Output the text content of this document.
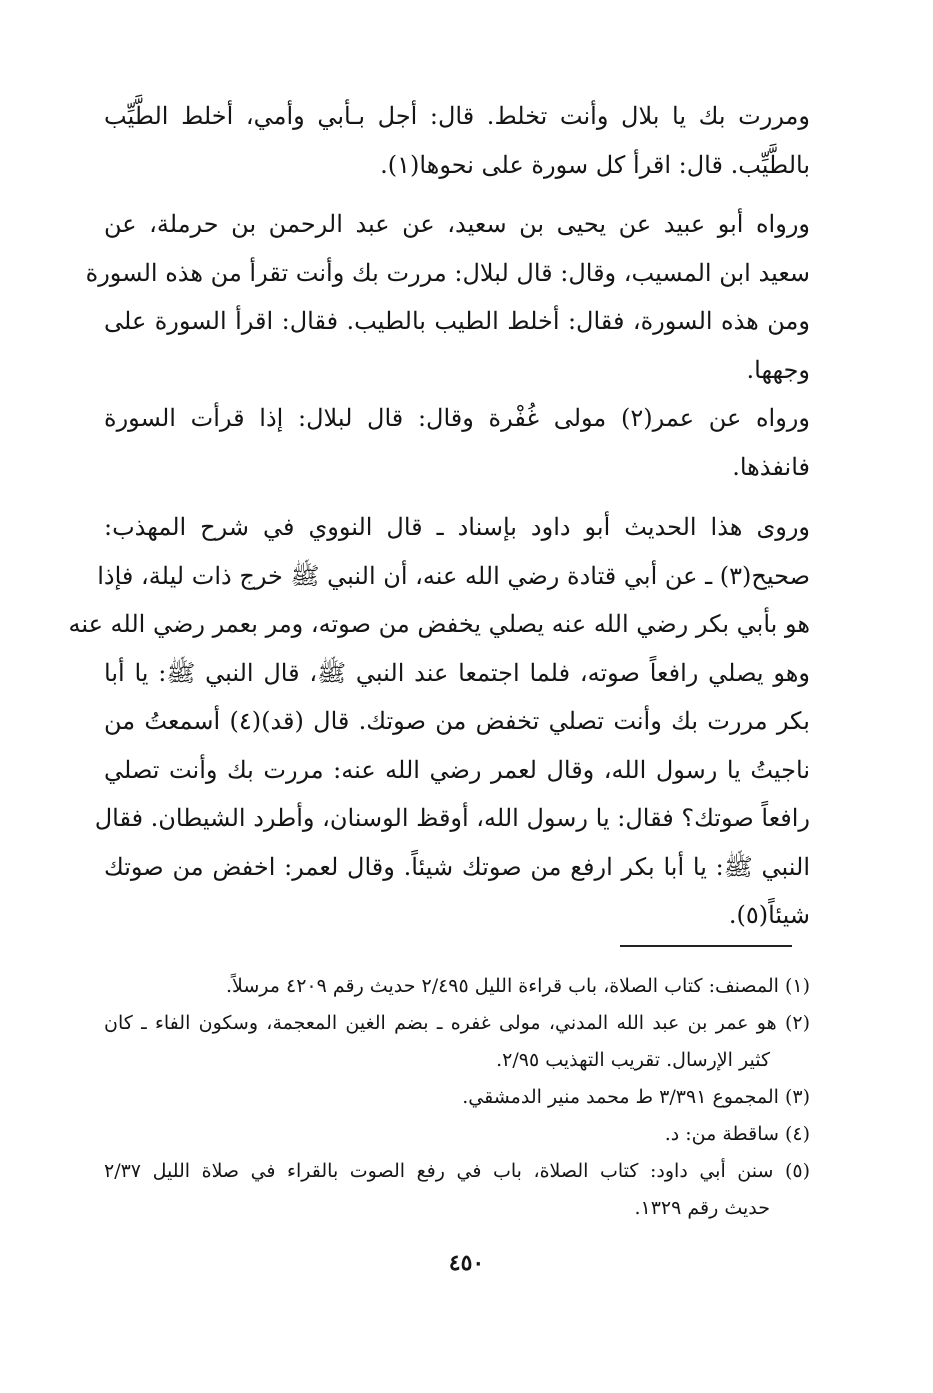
ومررت بك يا بلال وأنت تخلط. قال: أجل بـأبي وأمي، أخلط الطَّيِّب
بالطَّيِّب. قال: اقرأ كل سورة على نحوها(١).

ورواه أبو عبيد عن يحيى بن سعيد، عن عبد الرحمن بن حرملة، عن
سعيد ابن المسيب، وقال: قال لبلال: مررت بك وأنت تقرأ من هذه السورة
ومن هذه السورة، فقال: أخلط الطيب بالطيب. فقال: اقرأ السورة على
وجهها.

ورواه عن عمر(٢) مولى غُفْرة وقال: قال لبلال: إذا قرأت السورة
فانفذها.

وروى هذا الحديث أبو داود بإسناد ـ قال النووي في شرح المهذب:
صحيح(٣) ـ عن أبي قتادة رضي الله عنه، أن النبي ﷺ خرج ذات ليلة، فإذا
هو بأبي بكر رضي الله عنه يصلي يخفض من صوته، ومر بعمر رضي الله عنه
وهو يصلي رافعاً صوته، فلما اجتمعا عند النبي ﷺ، قال النبي ﷺ: يا أبا
بكر مررت بك وأنت تصلي تخفض من صوتك. قال (قد)(٤) أسمعتُ من
ناجيتُ يا رسول الله، وقال لعمر رضي الله عنه: مررت بك وأنت تصلي
رافعاً صوتك؟ فقال: يا رسول الله، أوقظ الوسنان، وأطرد الشيطان. فقال
النبي ﷺ: يا أبا بكر ارفع من صوتك شيئاً. وقال لعمر: اخفض من صوتك
شيئاً(٥).

(١) المصنف: كتاب الصلاة، باب قراءة الليل ٢/٤٩٥ حديث رقم ٤٢٠٩ مرسلاً.

(٢) هو عمر بن عبد الله المدني، مولى غفره ـ بضم الغين المعجمة، وسكون الفاء ـ كان
كثير الإرسال. تقريب التهذيب ٢/٩٥.

(٣) المجموع ٣/٣٩١ ط محمد منير الدمشقي.

(٤) ساقطة من: د.

(٥) سنن أبي داود: كتاب الصلاة، باب في رفع الصوت بالقراء في صلاة الليل ٢/٣٧
حديث رقم ١٣٢٩.

٤٥٠
